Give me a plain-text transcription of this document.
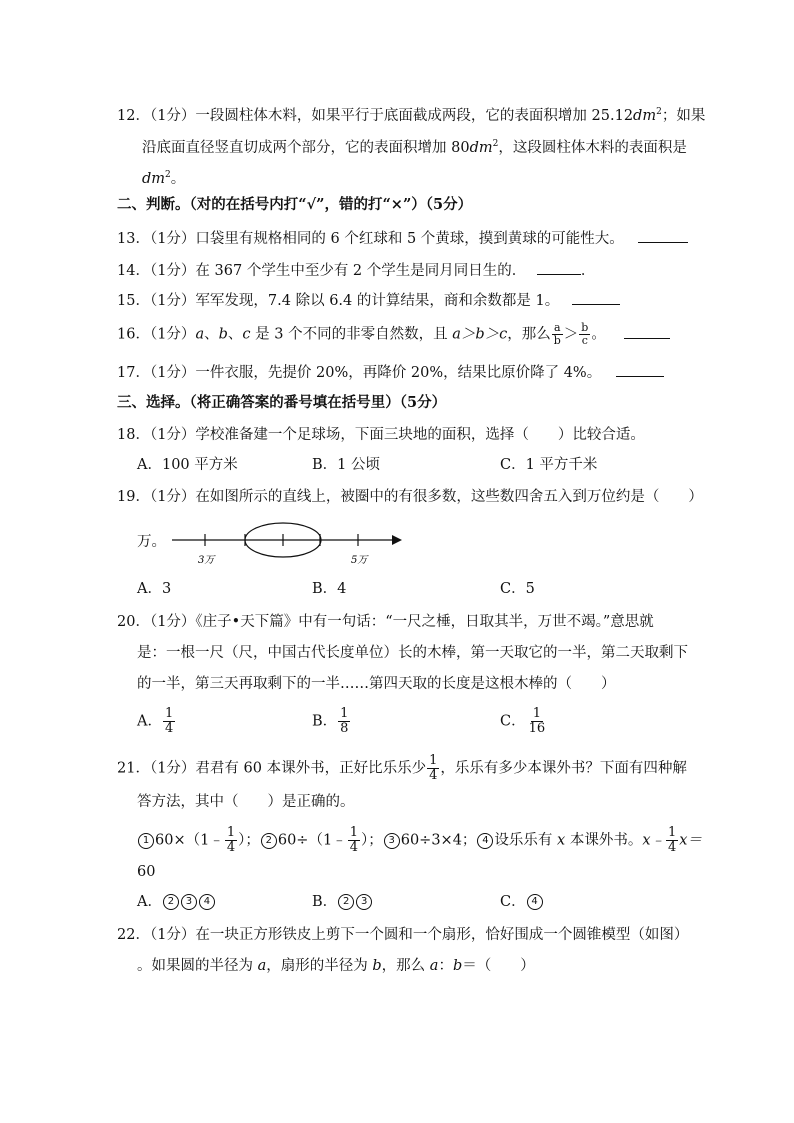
12．（1分）一段圆柱体木料，如果平行于底面截成两段，它的表面积增加 $25.12dm^2$；如果
沿底面直径竖直切成两个部分，它的表面积增加 $80dm^2$，这段圆柱体木料的表面积是
$dm^2$。
二、判断。（对的在括号内打“√”，错的打“×”）（5分）
13．（1分）口袋里有规格相同的 6 个红球和 5 个黄球，摸到黄球的可能性大。
14．（1分）在 367 个学生中至少有 2 个学生是同月同日生的．	．
15．（1分）军军发现，7.4 除以 6.4 的计算结果，商和余数都是 1。
16．（1分）a、b、c 是 3 个不同的非零自然数，且 a＞b＞c，那么 $\frac{a}{b} > \frac{b}{c}$ 。
17．（1分）一件衣服，先提价 20%，再降价 20%，结果比原价降了 4%。
三、选择。（将正确答案的番号填在括号里）（5分）
18．（1分）学校准备建一个足球场，下面三块地的面积，选择（　　）比较合适。
A．100 平方米	B．1 公顷	C．1 平方千米
19．（1分）在如图所示的直线上，被圈中的有很多数，这些数四舍五入到万位约是（　　）
万。
3万	5万
A．3	B．4	C．5
20．（1分）《庄子•天下篇》中有一句话：“一尺之棰，日取其半，万世不竭。”意思就
是：一根一尺（尺，中国古代长度单位）长的木棒，第一天取它的一半，第二天取剩下
的一半，第三天再取剩下的一半……第四天取的长度是这根木棒的（　　）
A． $\frac{1}{4}$	B． $\frac{1}{8}$	C． $\frac{1}{16}$
21．（1分）君君有 60 本课外书，正好比乐乐少 $\frac{1}{4}$ ，乐乐有多少本课外书？下面有四种解
答方法，其中（　　）是正确的。
1 60×（1﹣ $\frac{1}{4}$ ）； 2 60÷（1﹣ $\frac{1}{4}$ ）； 3 60÷3×4； 4 设乐乐有 x 本课外书。x﹣ $\frac{1}{4} x=$
60
A． 2 3 4	B． 2 3	C． 4
22．（1分）在一块正方形铁皮上剪下一个圆和一个扇形，恰好围成一个圆锥模型（如图）
。如果圆的半径为 a，扇形的半径为 b，那么 a：b＝（　　）
